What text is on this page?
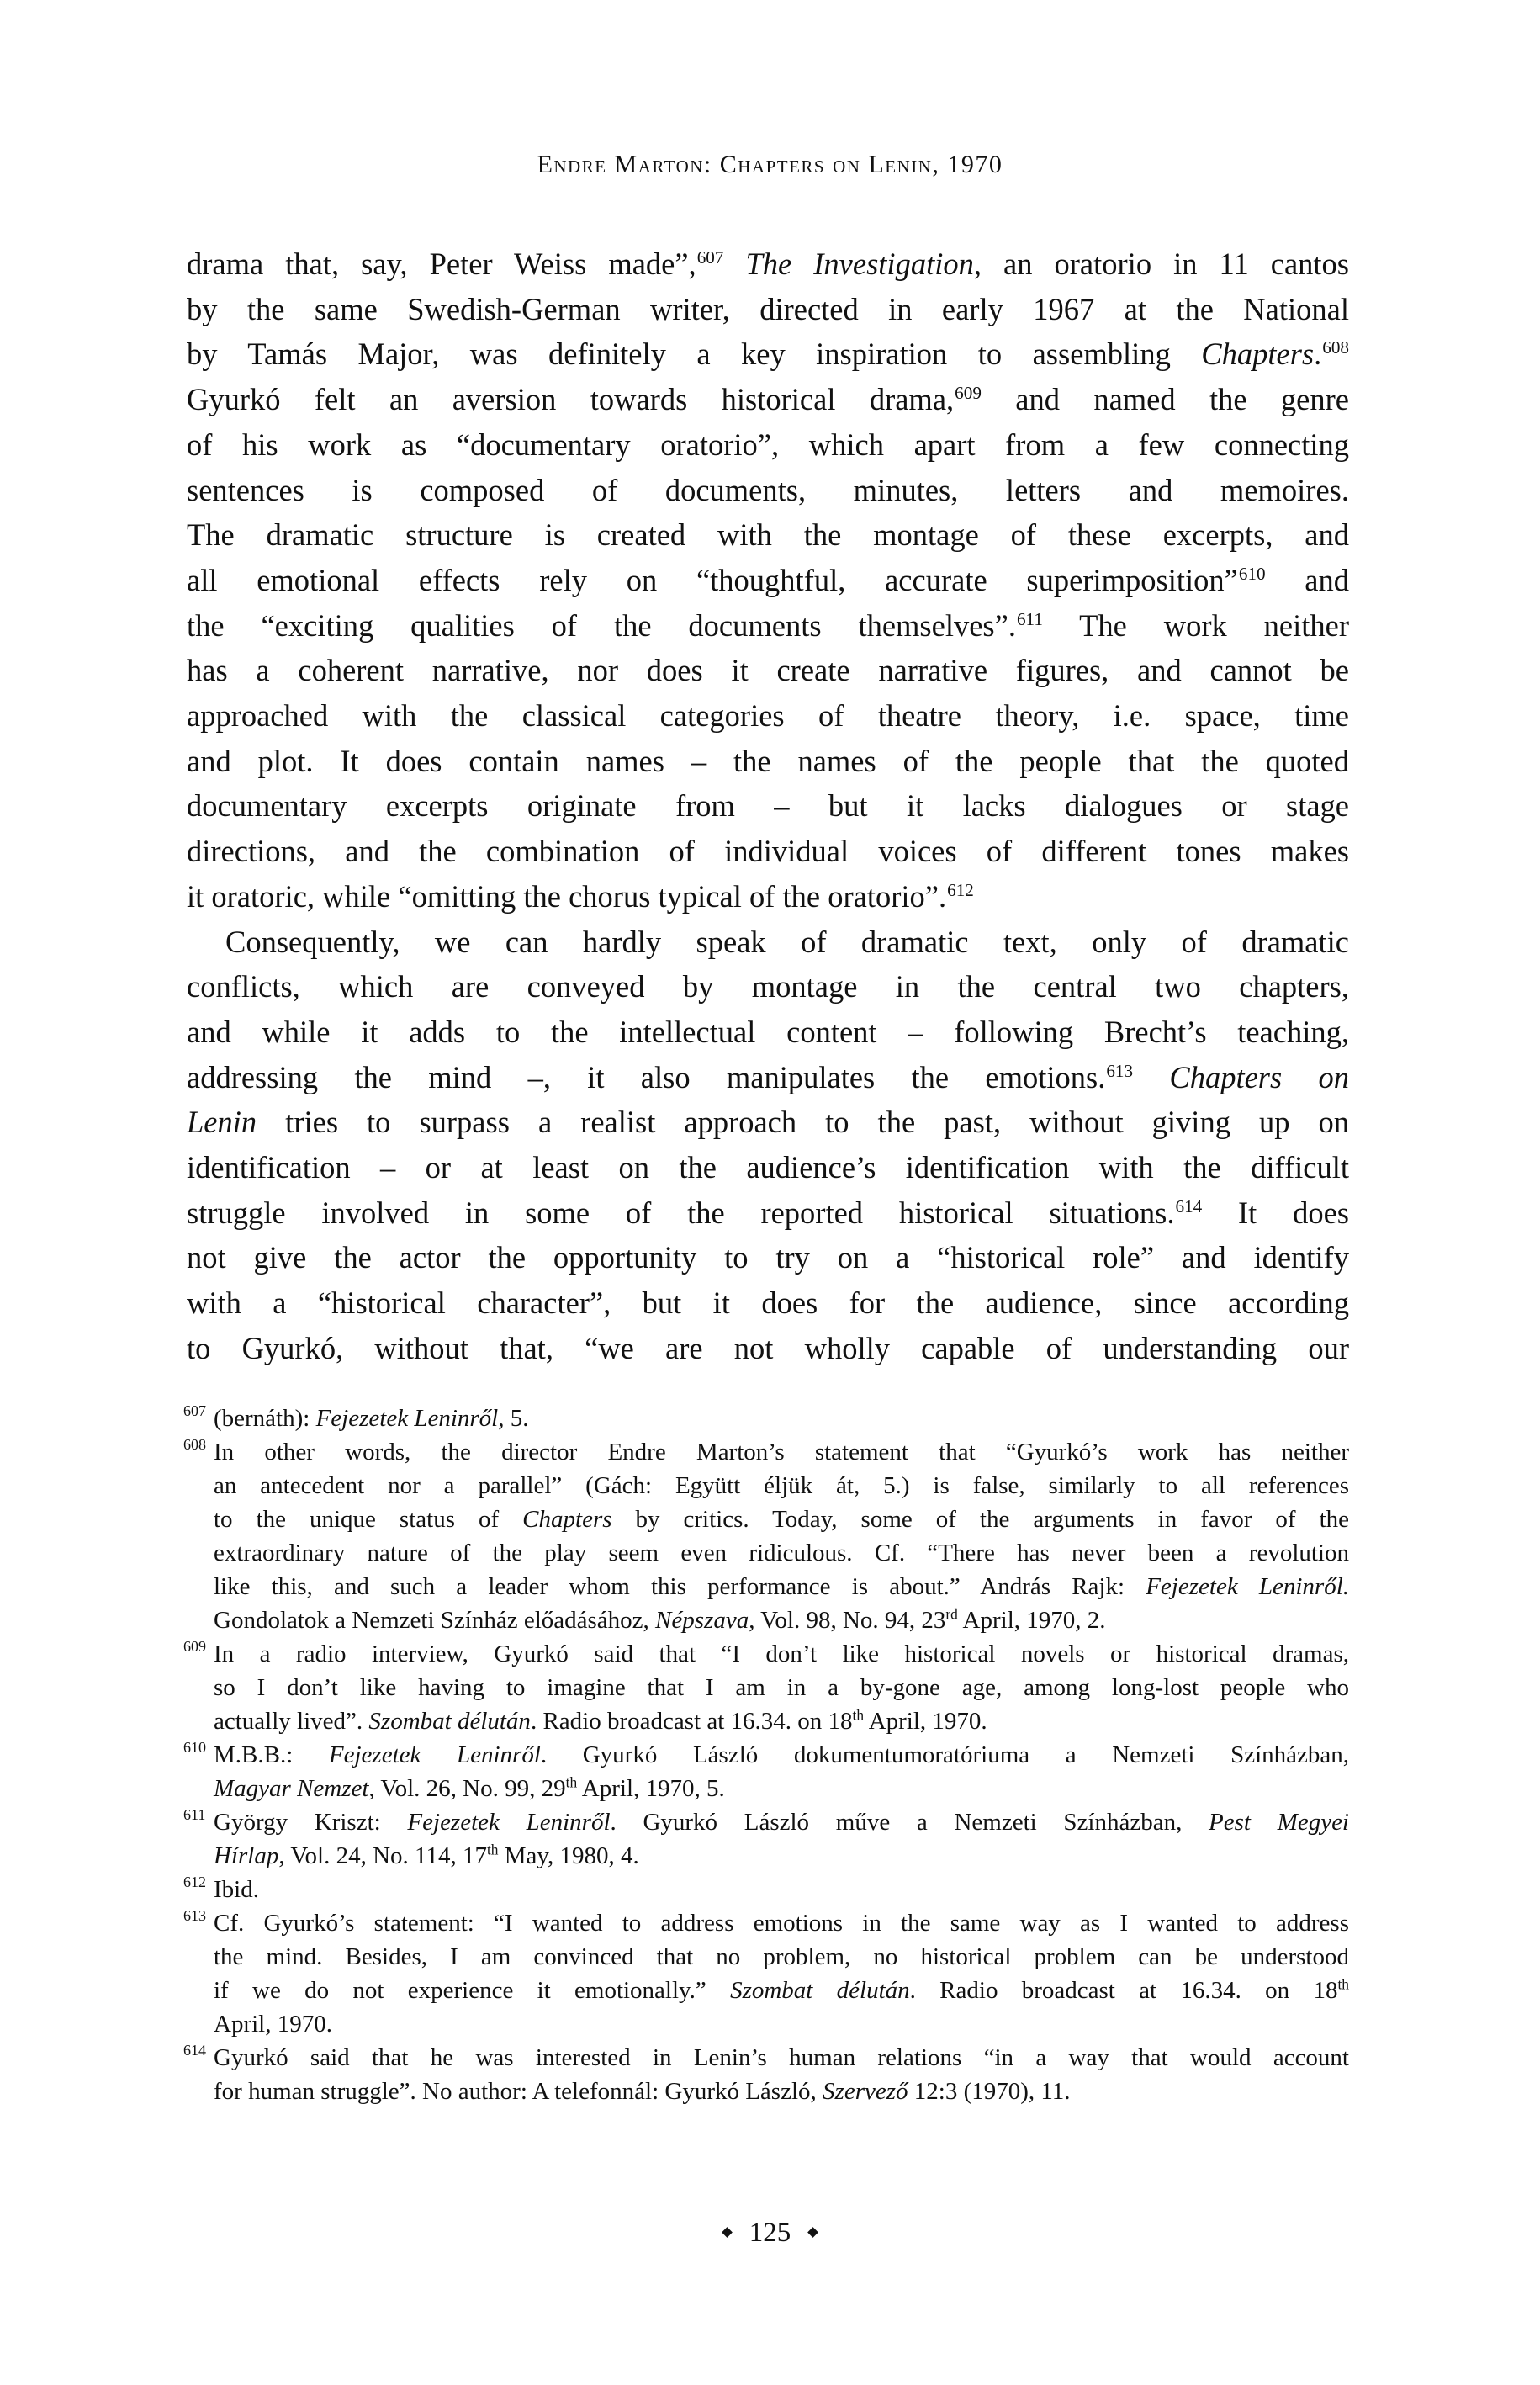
Endre Marton: Chapters on Lenin, 1970

drama that, say, Peter Weiss made”,$^{607}$ The Investigation, an oratorio in 11 cantos
by the same Swedish-German writer, directed in early 1967 at the National
by Tamás Major, was definitely a key inspiration to assembling Chapters.$^{608}$
Gyurkó felt an aversion towards historical drama,$^{609}$ and named the genre
of his work as “documentary oratorio”, which apart from a few connecting
sentences is composed of documents, minutes, letters and memoires.
The dramatic structure is created with the montage of these excerpts, and
all emotional effects rely on “thoughtful, accurate superimposition”$^{610}$ and
the “exciting qualities of the documents themselves”.$^{611}$ The work neither
has a coherent narrative, nor does it create narrative figures, and cannot be
approached with the classical categories of theatre theory, i.e. space, time
and plot. It does contain names – the names of the people that the quoted
documentary excerpts originate from – but it lacks dialogues or stage
directions, and the combination of individual voices of different tones makes
it oratoric, while “omitting the chorus typical of the oratorio”.$^{612}$

Consequently, we can hardly speak of dramatic text, only of dramatic
conflicts, which are conveyed by montage in the central two chapters,
and while it adds to the intellectual content – following Brecht’s teaching,
addressing the mind –, it also manipulates the emotions.$^{613}$ Chapters on
Lenin tries to surpass a realist approach to the past, without giving up on
identification – or at least on the audience’s identification with the difficult
struggle involved in some of the reported historical situations.$^{614}$ It does
not give the actor the opportunity to try on a “historical role” and identify
with a “historical character”, but it does for the audience, since according
to Gyurkó, without that, “we are not wholly capable of understanding our

607 (bernáth): Fejezetek Leninről, 5.
608 In other words, the director Endre Marton’s statement that “Gyurkó’s work has neither
an antecedent nor a parallel” (Gách: Együtt éljük át, 5.) is false, similarly to all references
to the unique status of Chapters by critics. Today, some of the arguments in favor of the
extraordinary nature of the play seem even ridiculous. Cf. “There has never been a revolution
like this, and such a leader whom this performance is about.” András Rajk: Fejezetek Leninről.
Gondolatok a Nemzeti Színház előadásához, Népszava, Vol. 98, No. 94, 23rd April, 1970, 2.
609 In a radio interview, Gyurkó said that “I don’t like historical novels or historical dramas,
so I don’t like having to imagine that I am in a by-gone age, among long-lost people who
actually lived”. Szombat délután. Radio broadcast at 16.34. on 18th April, 1970.
610 M.B.B.: Fejezetek Leninről. Gyurkó László dokumentumoratóriuma a Nemzeti Színházban,
Magyar Nemzet, Vol. 26, No. 99, 29th April, 1970, 5.
611 György Kriszt: Fejezetek Leninről. Gyurkó László műve a Nemzeti Színházban, Pest Megyei
Hírlap, Vol. 24, No. 114, 17th May, 1980, 4.
612 Ibid.
613 Cf. Gyurkó’s statement: “I wanted to address emotions in the same way as I wanted to address
the mind. Besides, I am convinced that no problem, no historical problem can be understood
if we do not experience it emotionally.” Szombat délután. Radio broadcast at 16.34. on 18th
April, 1970.
614 Gyurkó said that he was interested in Lenin’s human relations “in a way that would account
for human struggle”. No author: A telefonnál: Gyurkó László, Szervező 12:3 (1970), 11.
125
